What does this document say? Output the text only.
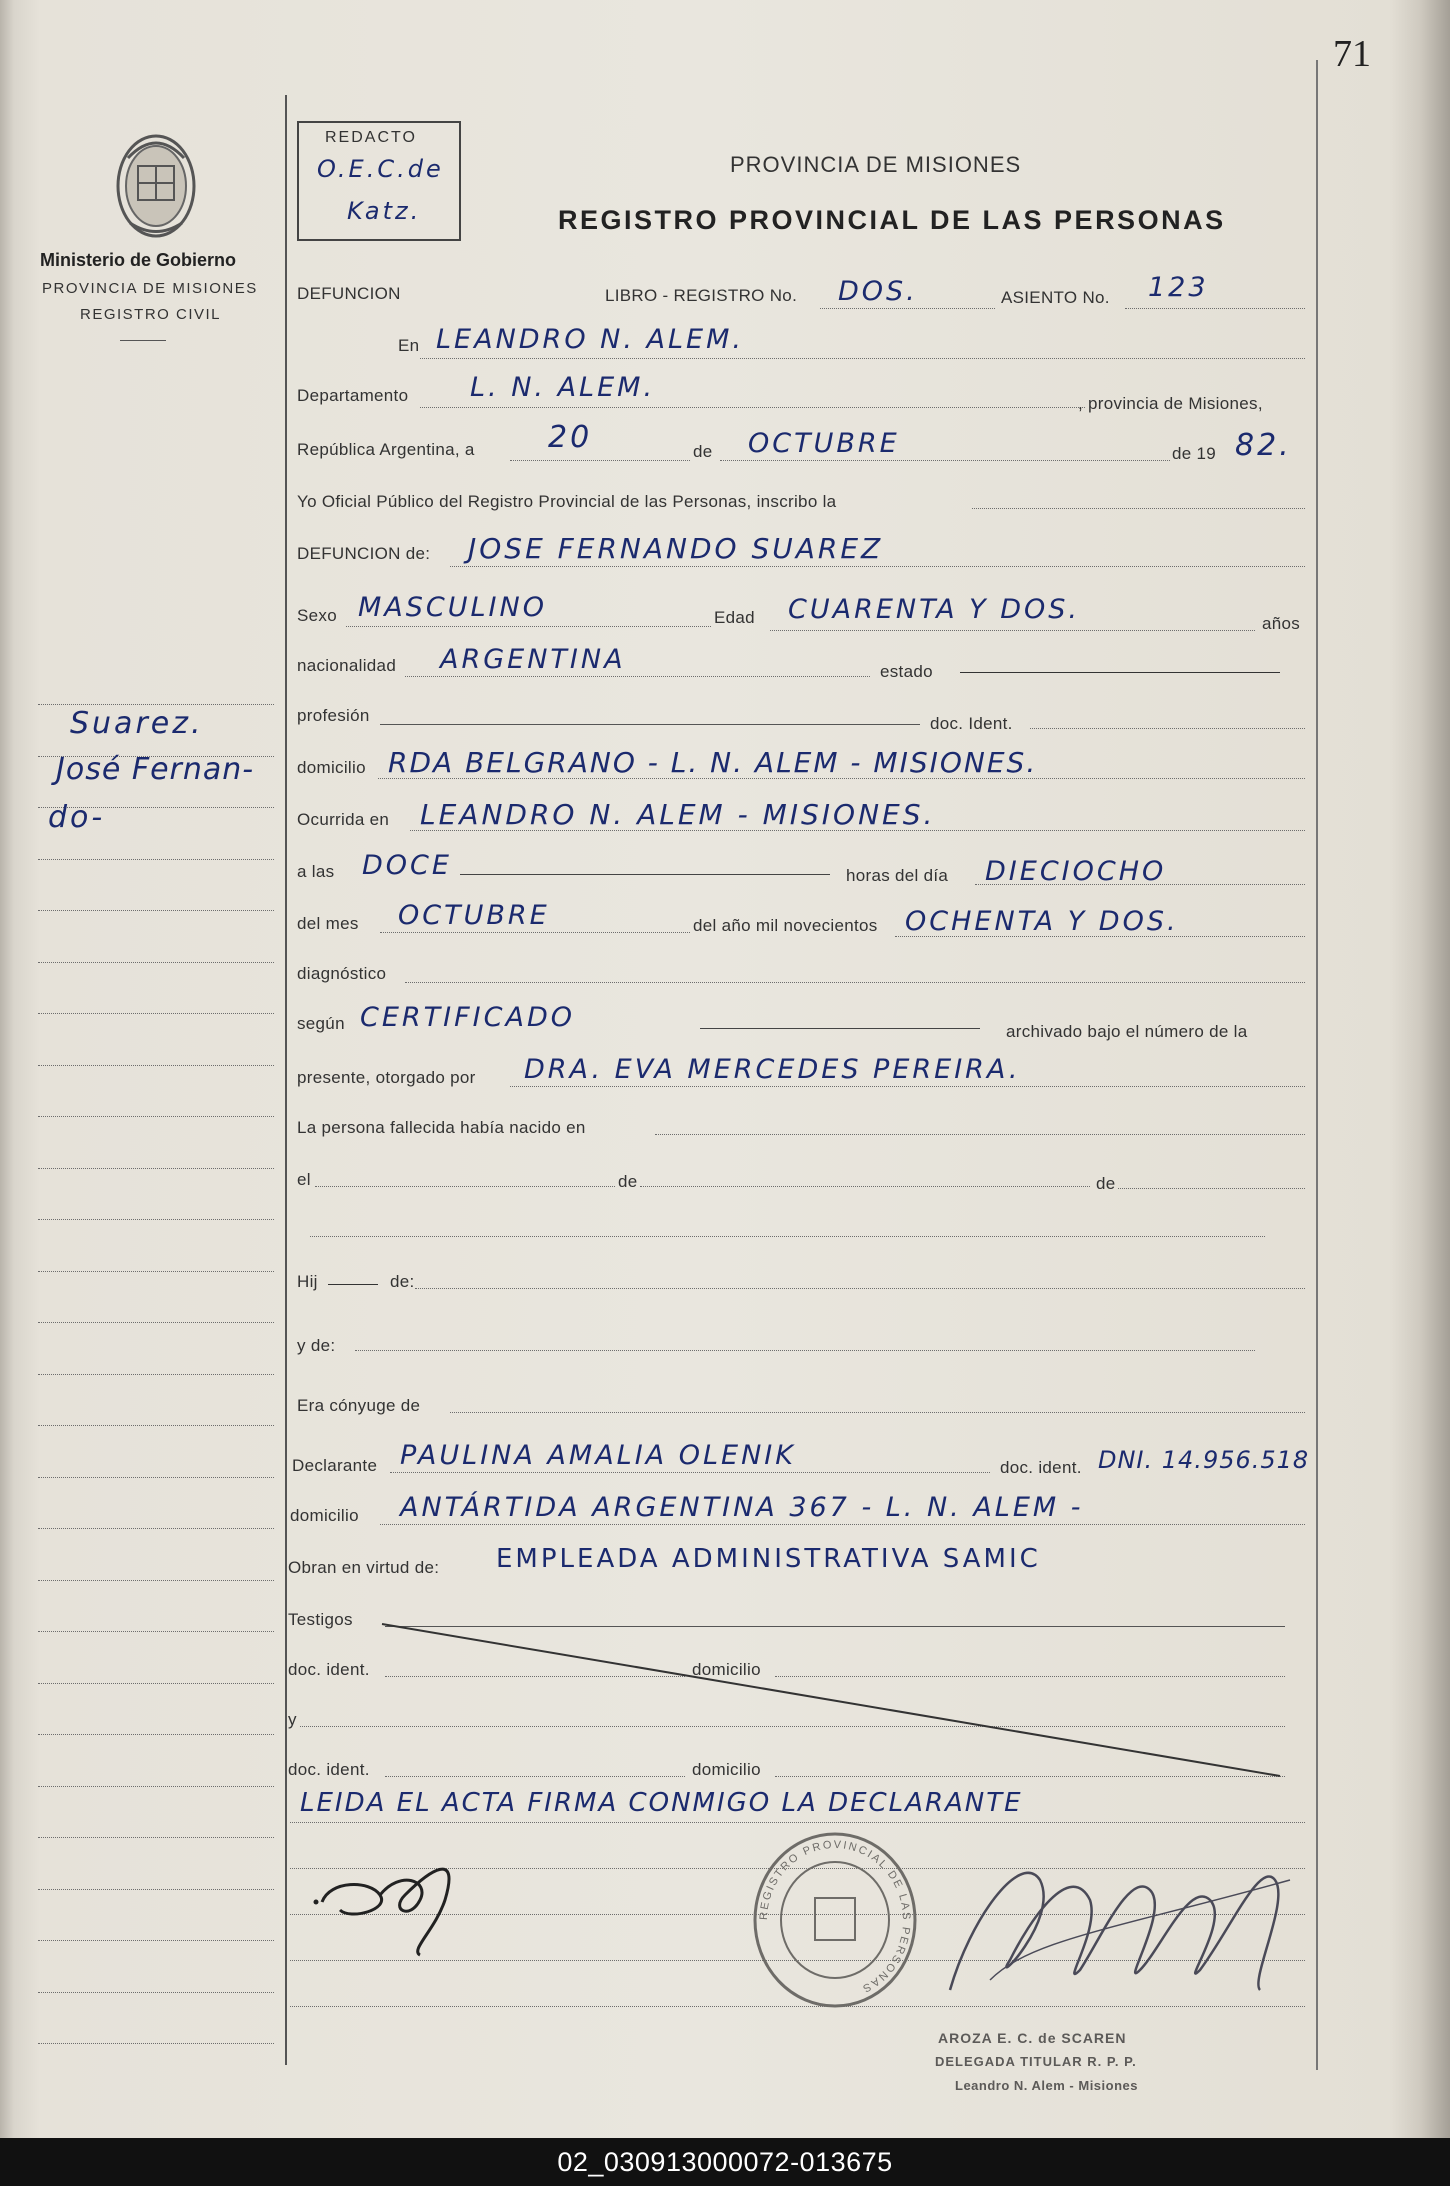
71
Ministerio de Gobierno
PROVINCIA DE MISIONES
REGISTRO CIVIL
REDACTO
O.E.C.de
Katz.
PROVINCIA DE MISIONES
REGISTRO PROVINCIAL DE LAS PERSONAS
Suarez.
José Fernan-
do-
DEFUNCION	LIBRO - REGISTRO No. DOS.	ASIENTO No. 123
En LEANDRO N. ALEM.
Departamento L. N. ALEM.
, provincia de Misiones,
República Argentina, a 20	de OCTUBRE	de 19 82.
Yo Oficial Público del Registro Provincial de las Personas, inscribo la
DEFUNCION de: JOSE FERNANDO SUAREZ
Sexo MASCULINO	Edad CUARENTA Y DOS.	años
nacionalidad ARGENTINA	estado
profesión	doc. Ident.
domicilio RDA BELGRANO - L. N. ALEM - MISIONES.
Ocurrida en LEANDRO N. ALEM - MISIONES.
a las DOCE	horas del día DIECIOCHO
del mes OCTUBRE	del año mil novecientos OCHENTA Y DOS.
diagnóstico
según CERTIFICADO	archivado bajo el número de la
presente, otorgado por DRA. EVA MERCEDES PEREIRA.
La persona fallecida había nacido en
el	de	de
Hij	de:
y de:
Era cónyuge de
Declarante PAULINA AMALIA OLENIK	doc. ident. DNI. 14.956.518
domicilio ANTÁRTIDA ARGENTINA 367 - L. N. ALEM -
Obran en virtud de: EMPLEADA ADMINISTRATIVA SAMIC
Testigos
doc. ident.	domicilio
y
doc. ident.	domicilio
LEIDA EL ACTA FIRMA CONMIGO LA DECLARANTE
REGISTRO PROVINCIAL DE LAS PERSONAS
AROZA E. C. de SCAREN
DELEGADA TITULAR R. P. P.
Leandro N. Alem - Misiones
02_030913000072-013675
